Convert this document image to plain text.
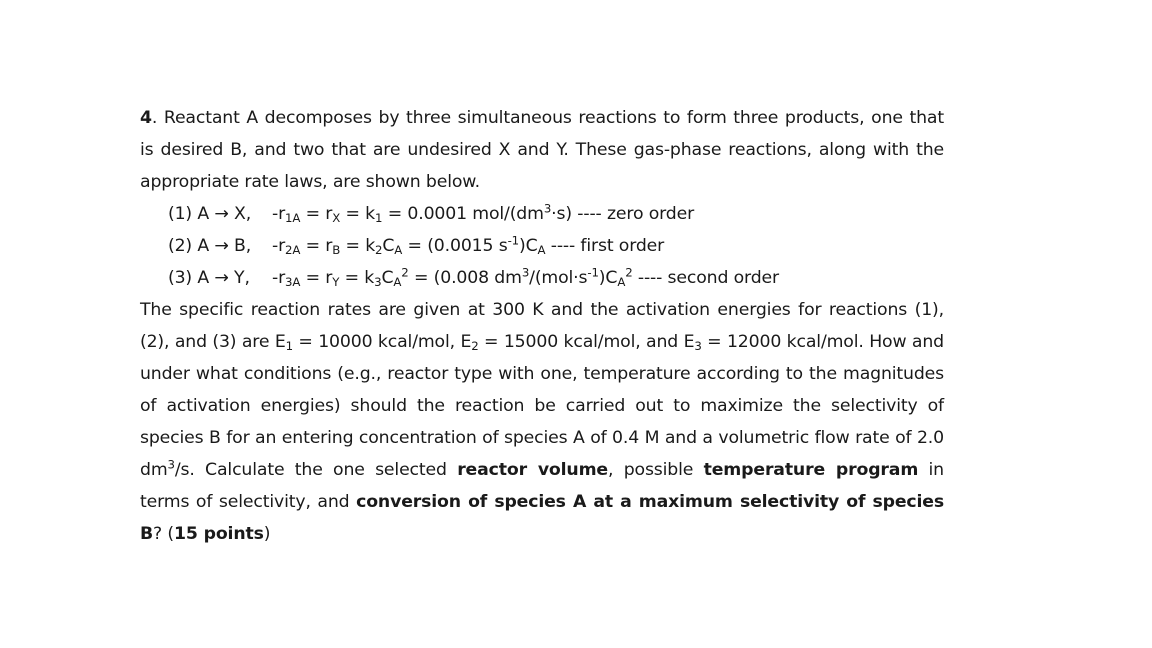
4. Reactant A decomposes by three simultaneous reactions to form three products, one that is desired B, and two that are undesired X and Y. These gas-phase reactions, along with the appropriate rate laws, are shown below.

(1) A → X, $-r_{1A} = r_X = k_1 = 0.0001$ mol/$(dm^3\cdot s)$ ---- zero order

(2) A → B, $-r_{2A} = r_B = k_2C_A = (0.0015$ $s^{-1})C_A$ ---- first order

(3) A → Y, $-r_{3A} = r_Y = k_3C_A^2 = (0.008$ $dm^3/(mol\cdot s^{-1})C_A^2$ ---- second order

The specific reaction rates are given at 300 K and the activation energies for reactions (1), (2), and (3) are $E_1 = 10000$ kcal/mol, $E_2 = 15000$ kcal/mol, and $E_3 = 12000$ kcal/mol. How and under what conditions (e.g., reactor type with one, temperature according to the magnitudes of activation energies) should the reaction be carried out to maximize the selectivity of species B for an entering concentration of species A of 0.4 M and a volumetric flow rate of 2.0 $dm^3/s$. Calculate the one selected reactor volume, possible temperature program in terms of selectivity, and conversion of species A at a maximum selectivity of species B? (15 points)
